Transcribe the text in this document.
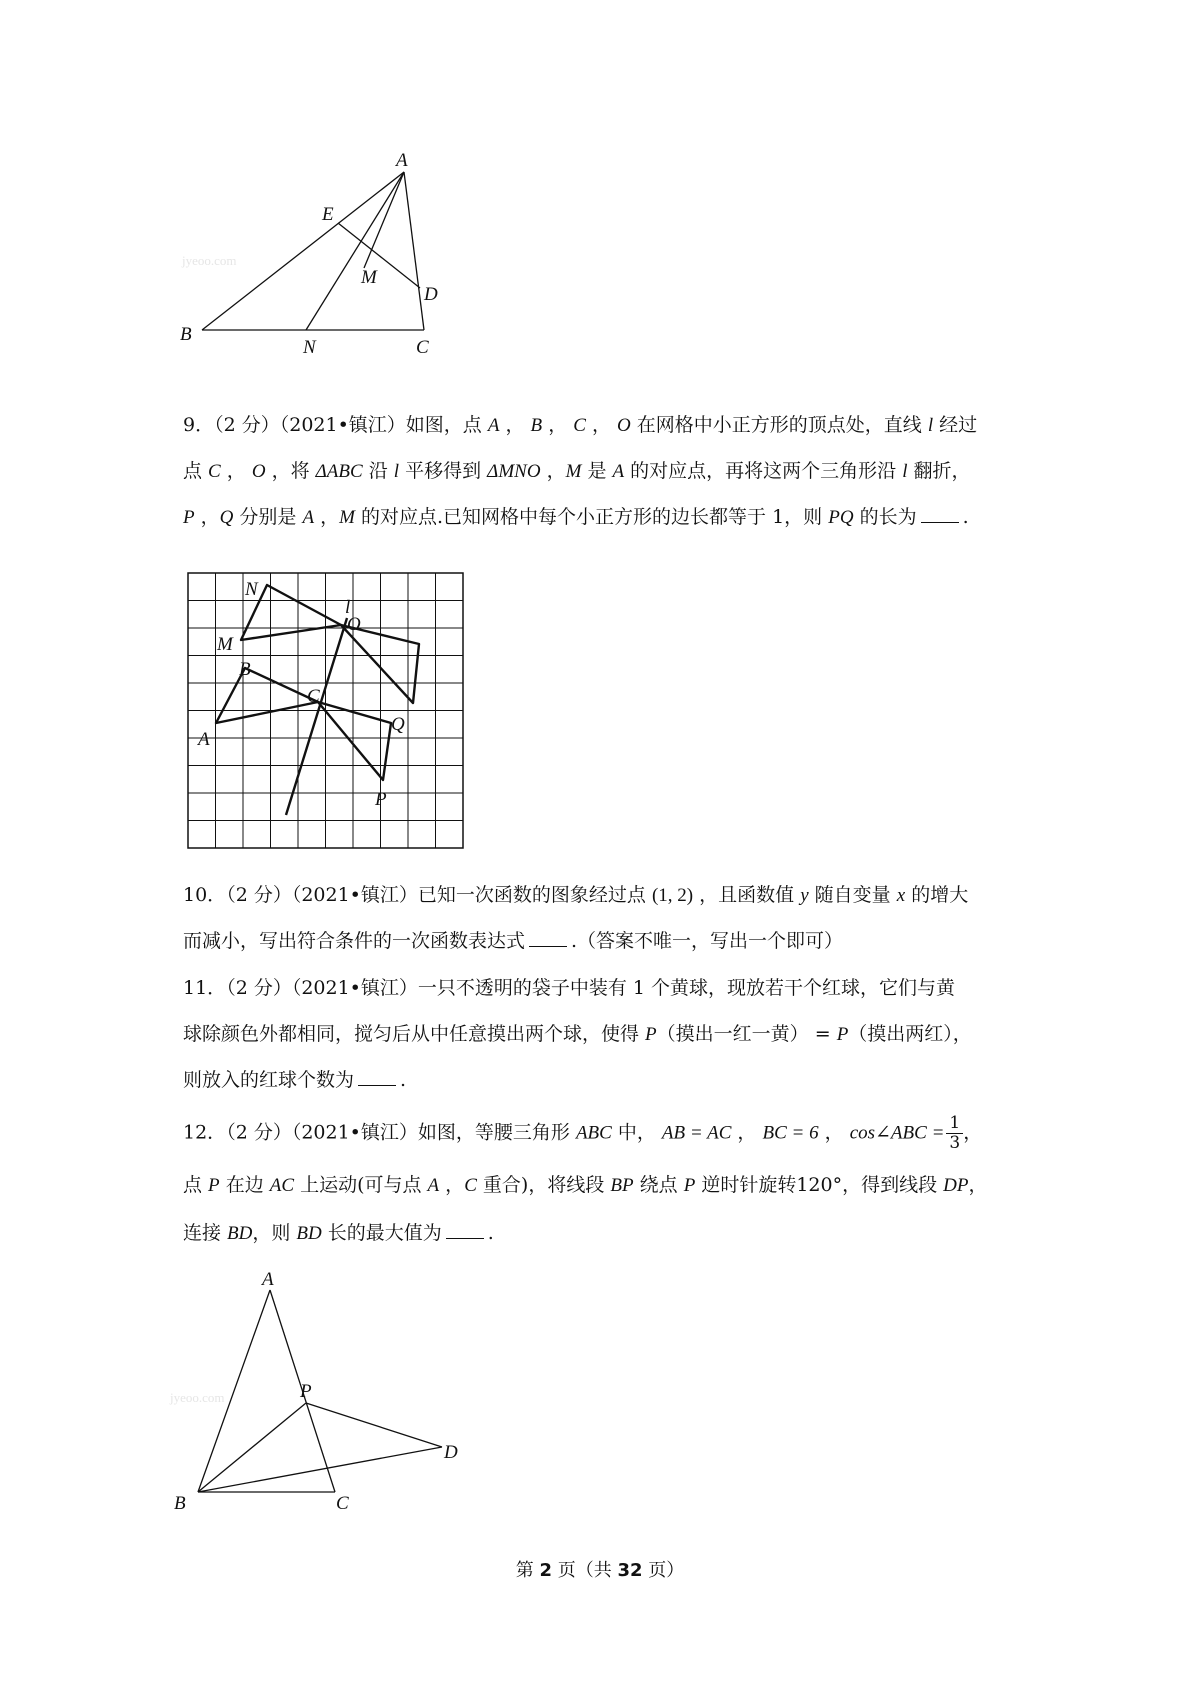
jyeoo.com
A
E
M
D
B
N	C
9．（2 分）（2021•镇江）如图，点 A ， B ， C ， O 在网格中小正方形的顶点处，直线 l 经过
点 C ， O ，将 ΔABC 沿 l 平移得到 ΔMNO ，M 是 A 的对应点，再将这两个三角形沿 l 翻折，
P ，Q 分别是 A ，M 的对应点.已知网格中每个小正方形的边长都等于 1，则 PQ 的长为 .
N
l
O
M
B
C
A
Q
P
10．（2 分）（2021•镇江）已知一次函数的图象经过点 (1, 2) ，且函数值 y 随自变量 x 的增大
而减小，写出符合条件的一次函数表达式 .（答案不唯一，写出一个即可）
11．（2 分）（2021•镇江）一只不透明的袋子中装有 1 个黄球，现放若干个红球，它们与黄
球除颜色外都相同，搅匀后从中任意摸出两个球，使得 P（摸出一红一黄） = P（摸出两红），
则放入的红球个数为 .
12．（2 分）（2021•镇江）如图，等腰三角形 ABC 中， AB = AC ， BC = 6 ， cos∠ABC = $\frac{1}{3}$ ，
点 P 在边 AC 上运动(可与点 A ，C 重合)，将线段 BP 绕点 P 逆时针旋转120°，得到线段 DP，
连接 BD，则 BD 长的最大值为 .
jyeoo.com
A
P
D
B	C
第 2 页（共 32 页）
